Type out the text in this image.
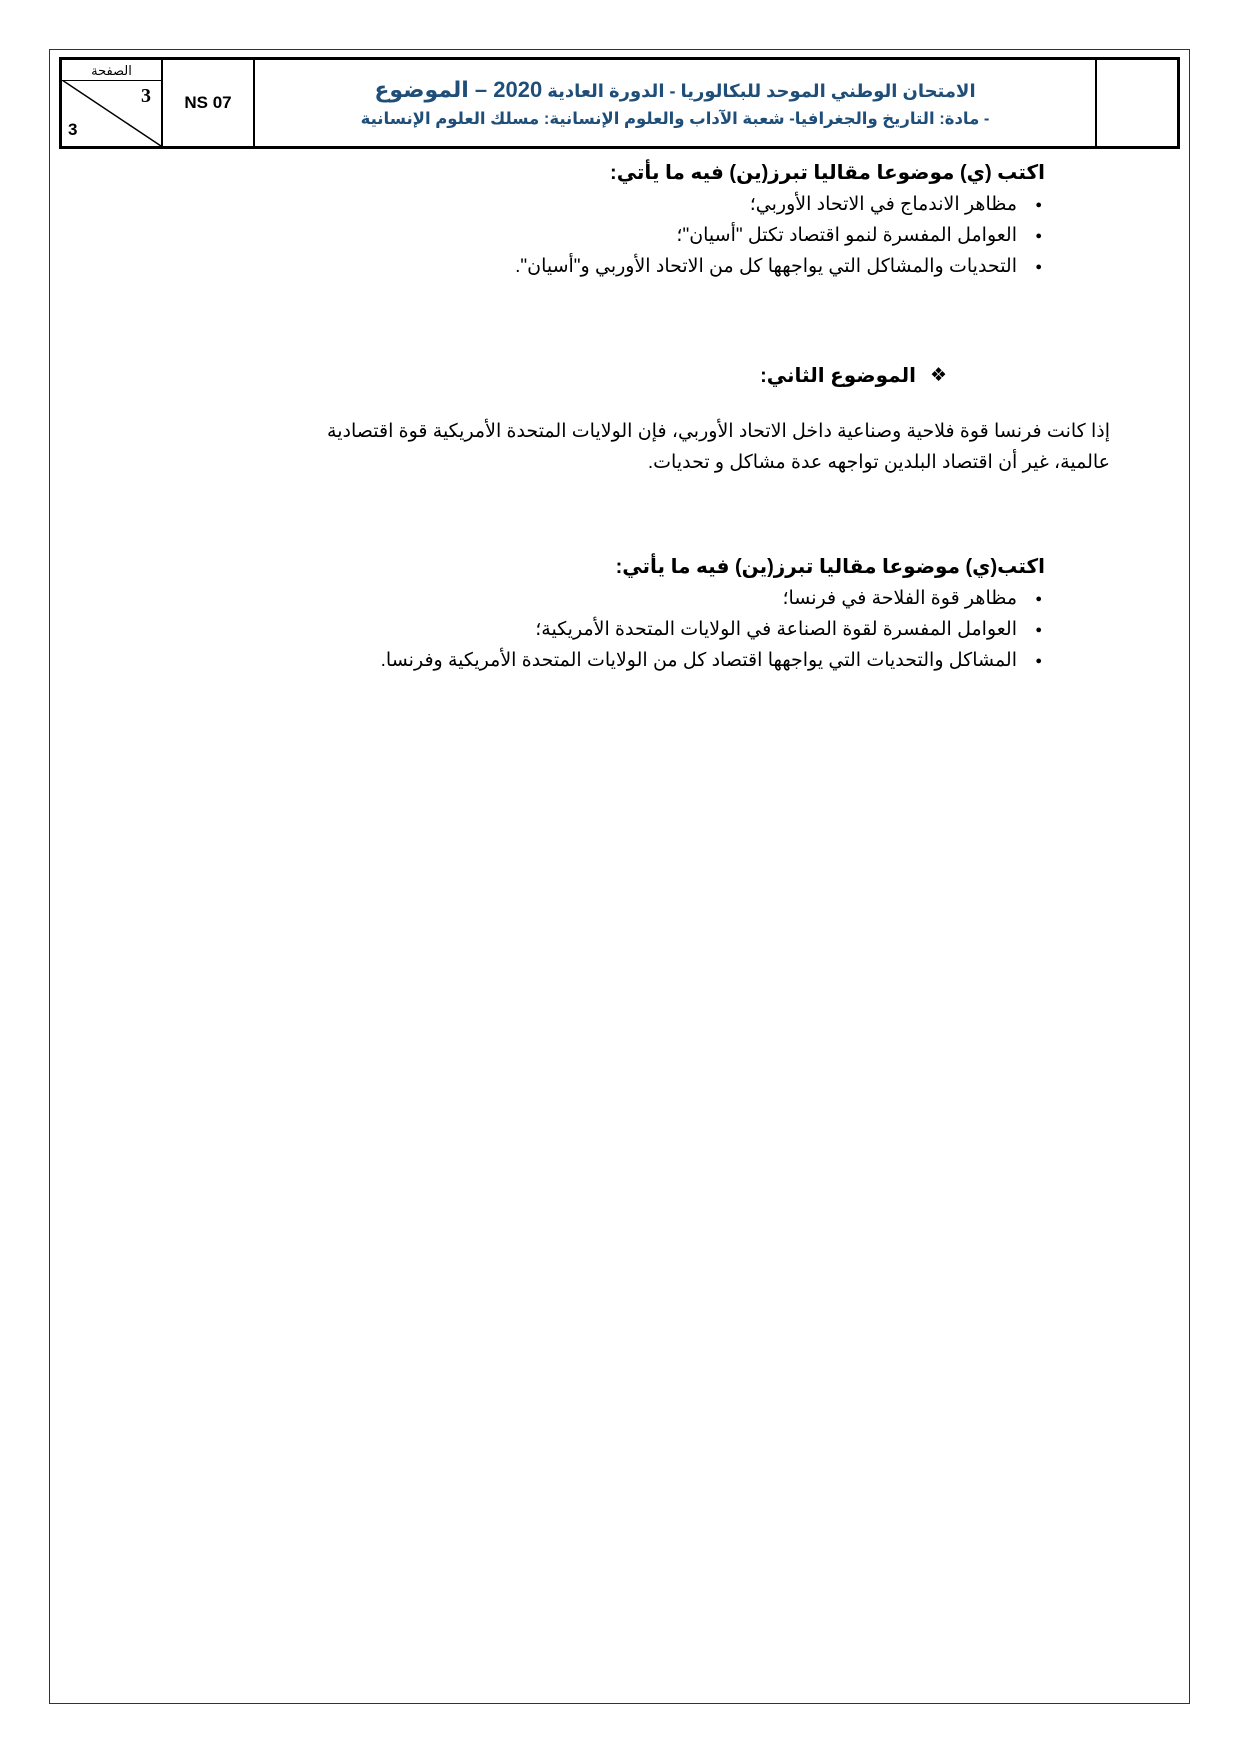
الصفحة
3
3
NS 07
الامتحان الوطني الموحد للبكالوريا - الدورة العادية 2020 – الموضوع
- مادة: التاريخ والجغرافيا- شعبة الآداب والعلوم الإنسانية: مسلك العلوم الإنسانية
اكتب (ي) موضوعا مقاليا تبرز(ين) فيه ما يأتي:
● مظاهر الاندماج في الاتحاد الأوربي؛
● العوامل المفسرة لنمو اقتصاد تكتل "أسيان"؛
● التحديات والمشاكل التي يواجهها كل من الاتحاد الأوربي و"أسيان".
❖
الموضوع الثاني:
إذا كانت فرنسا قوة فلاحية وصناعية داخل الاتحاد الأوربي، فإن الولايات المتحدة الأمريكية قوة اقتصادية
عالمية، غير أن اقتصاد البلدين تواجهه عدة مشاكل و تحديات.
اكتب(ي) موضوعا مقاليا تبرز(ين) فيه ما يأتي:
● مظاهر قوة الفلاحة في فرنسا؛
● العوامل المفسرة لقوة الصناعة في الولايات المتحدة الأمريكية؛
● المشاكل والتحديات التي يواجهها اقتصاد كل من الولايات المتحدة الأمريكية وفرنسا.
